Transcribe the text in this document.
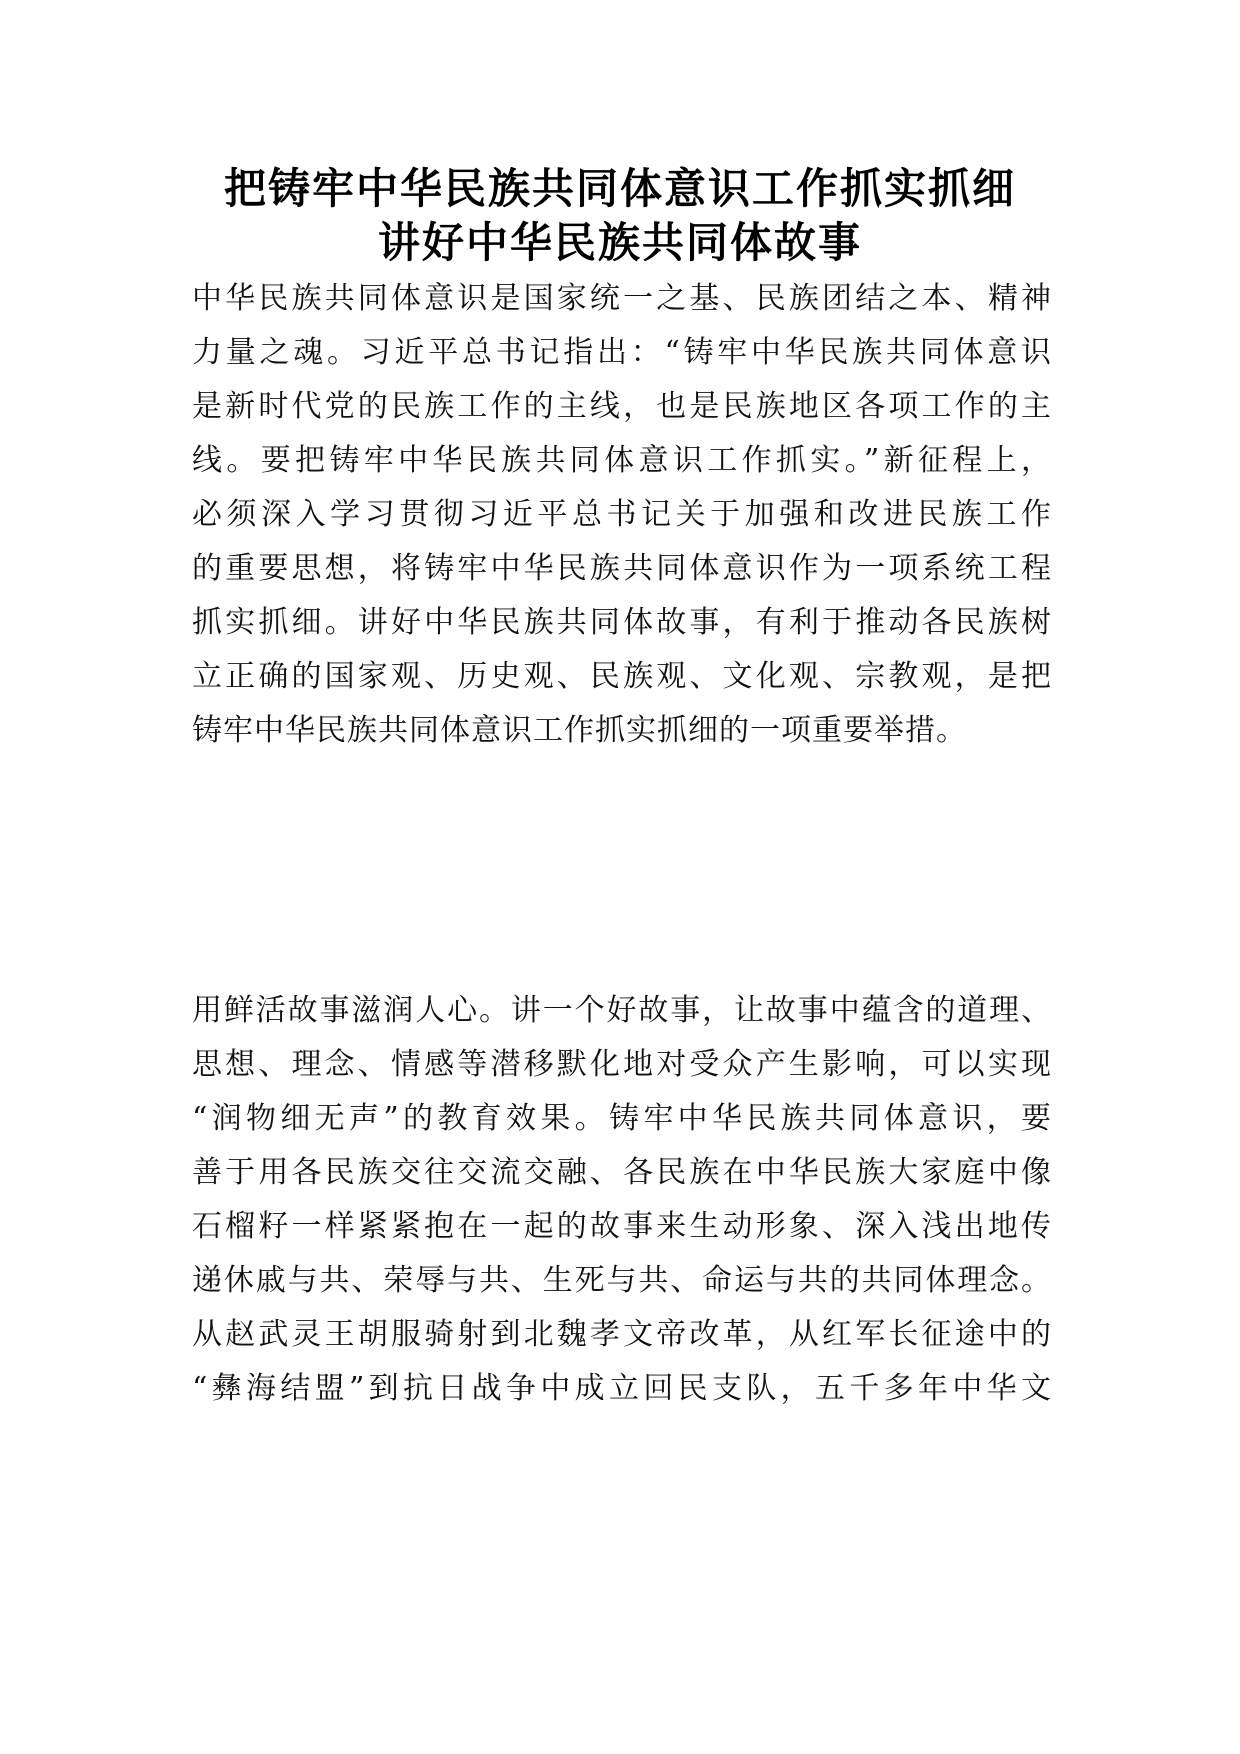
把铸牢中华民族共同体意识工作抓实抓细
讲好中华民族共同体故事
中华民族共同体意识是国家统一之基、民族团结之本、精神
力量之魂。习近平总书记指出：“铸牢中华民族共同体意识
是新时代党的民族工作的主线，也是民族地区各项工作的主
线。要把铸牢中华民族共同体意识工作抓实。”新征程上，
必须深入学习贯彻习近平总书记关于加强和改进民族工作
的重要思想，将铸牢中华民族共同体意识作为一项系统工程
抓实抓细。讲好中华民族共同体故事，有利于推动各民族树
立正确的国家观、历史观、民族观、文化观、宗教观，是把
铸牢中华民族共同体意识工作抓实抓细的一项重要举措。
用鲜活故事滋润人心。讲一个好故事，让故事中蕴含的道理、
思想、理念、情感等潜移默化地对受众产生影响，可以实现
“润物细无声”的教育效果。铸牢中华民族共同体意识，要
善于用各民族交往交流交融、各民族在中华民族大家庭中像
石榴籽一样紧紧抱在一起的故事来生动形象、深入浅出地传
递休戚与共、荣辱与共、生死与共、命运与共的共同体理念。
从赵武灵王胡服骑射到北魏孝文帝改革，从红军长征途中的
“彝海结盟”到抗日战争中成立回民支队，五千多年中华文
